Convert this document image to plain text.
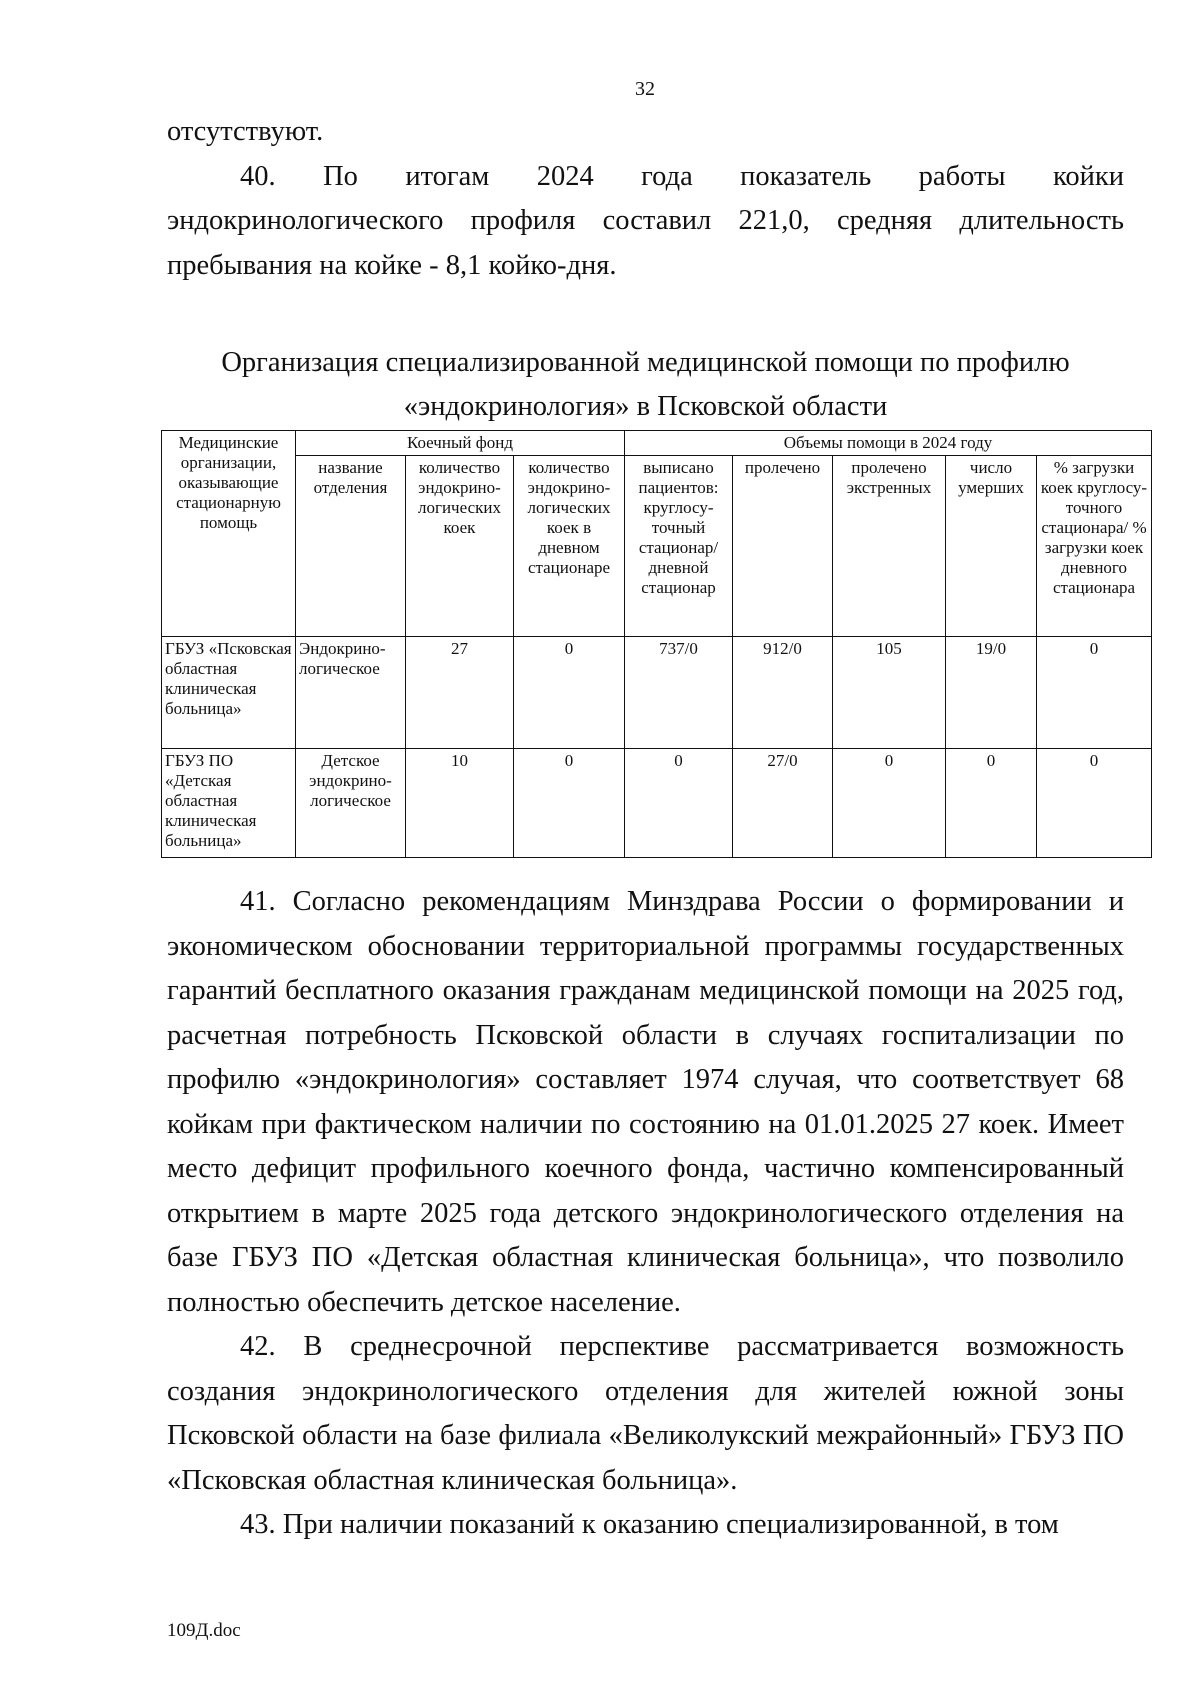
32

отсутствуют.

40. По итогам 2024 года показатель работы койки эндокринологического профиля составил 221,0, средняя длительность пребывания на койке - 8,1 койко-дня.

Организация специализированной медицинской помощи по профилю
«эндокринология» в Псковской области
Медицинские организации, оказывающие стационарную помощь	Коечный фонд			Объемы помощи в 2024 году				
	название отделения	количество эндокрино-логических коек	количество эндокрино-логических коек в дневном стационаре	выписано пациентов: круглосу-точный стационар/ дневной стационар	пролечено	пролечено экстренных	число умерших	% загрузки коек круглосу-точного стационара/ % загрузки коек дневного стационара
ГБУЗ «Псковская областная клиническая больница»	Эндокрино-логическое	27	0	737/0	912/0	105	19/0	0
ГБУЗ ПО «Детская областная клиническая больница»	Детское эндокрино-логическое	10	0	0	27/0	0	0	0

41. Согласно рекомендациям Минздрава России о формировании и экономическом обосновании территориальной программы государственных гарантий бесплатного оказания гражданам медицинской помощи на 2025 год, расчетная потребность Псковской области в случаях госпитализации по профилю «эндокринология» составляет 1974 случая, что соответствует 68 койкам при фактическом наличии по состоянию на 01.01.2025 27 коек. Имеет место дефицит профильного коечного фонда, частично компенсированный открытием в марте 2025 года детского эндокринологического отделения на базе ГБУЗ ПО «Детская областная клиническая больница», что позволило полностью обеспечить детское население.

42. В среднесрочной перспективе рассматривается возможность создания эндокринологического отделения для жителей южной зоны Псковской области на базе филиала «Великолукский межрайонный» ГБУЗ ПО «Псковская областная клиническая больница».

43. При наличии показаний к оказанию специализированной, в том

109Д.doc
